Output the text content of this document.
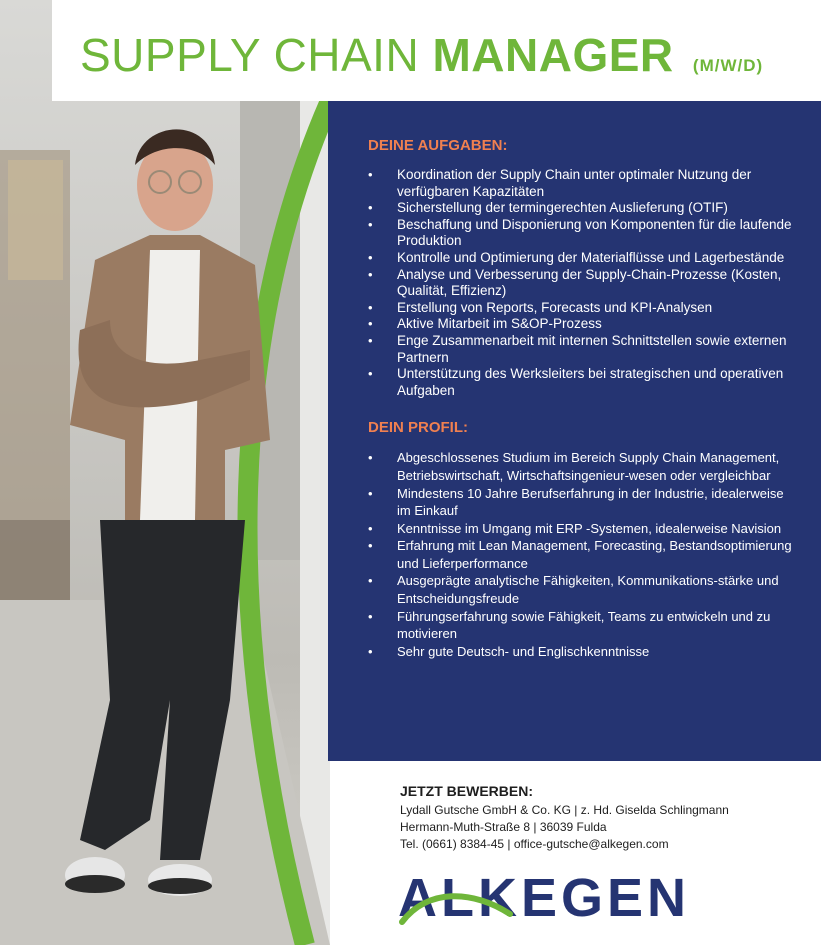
SUPPLY CHAIN MANAGER (M/W/D)
DEINE AUFGABEN:
• Koordination der Supply Chain unter optimaler Nutzung der verfügbaren Kapazitäten
• Sicherstellung der termingerechten Auslieferung (OTIF)
• Beschaffung und Disponierung von Komponenten für die laufende Produktion
• Kontrolle und Optimierung der Materialflüsse und Lagerbestände
• Analyse und Verbesserung der Supply-Chain-Prozesse (Kosten, Qualität, Effizienz)
• Erstellung von Reports, Forecasts und KPI-Analysen
• Aktive Mitarbeit im S&OP-Prozess
• Enge Zusammenarbeit mit internen Schnittstellen sowie externen Partnern
• Unterstützung des Werksleiters bei strategischen und operativen Aufgaben
DEIN PROFIL:
• Abgeschlossenes Studium im Bereich Supply Chain Management, Betriebswirtschaft, Wirtschaftsingenieur-wesen oder vergleichbar
• Mindestens 10 Jahre Berufserfahrung in der Industrie, idealerweise im Einkauf
• Kenntnisse im Umgang mit ERP -Systemen, idealerweise Navision
• Erfahrung mit Lean Management, Forecasting, Bestandsoptimierung und Lieferperformance
• Ausgeprägte analytische Fähigkeiten, Kommunikations-stärke und Entscheidungsfreude
• Führungserfahrung sowie Fähigkeit, Teams zu entwickeln und zu motivieren
• Sehr gute Deutsch- und Englischkenntnisse
JETZT BEWERBEN:
Lydall Gutsche GmbH & Co. KG | z. Hd. Giselda Schlingmann
Hermann-Muth-Straße 8 | 36039 Fulda
Tel. (0661) 8384-45 | office-gutsche@alkegen.com
ALKEGEN
